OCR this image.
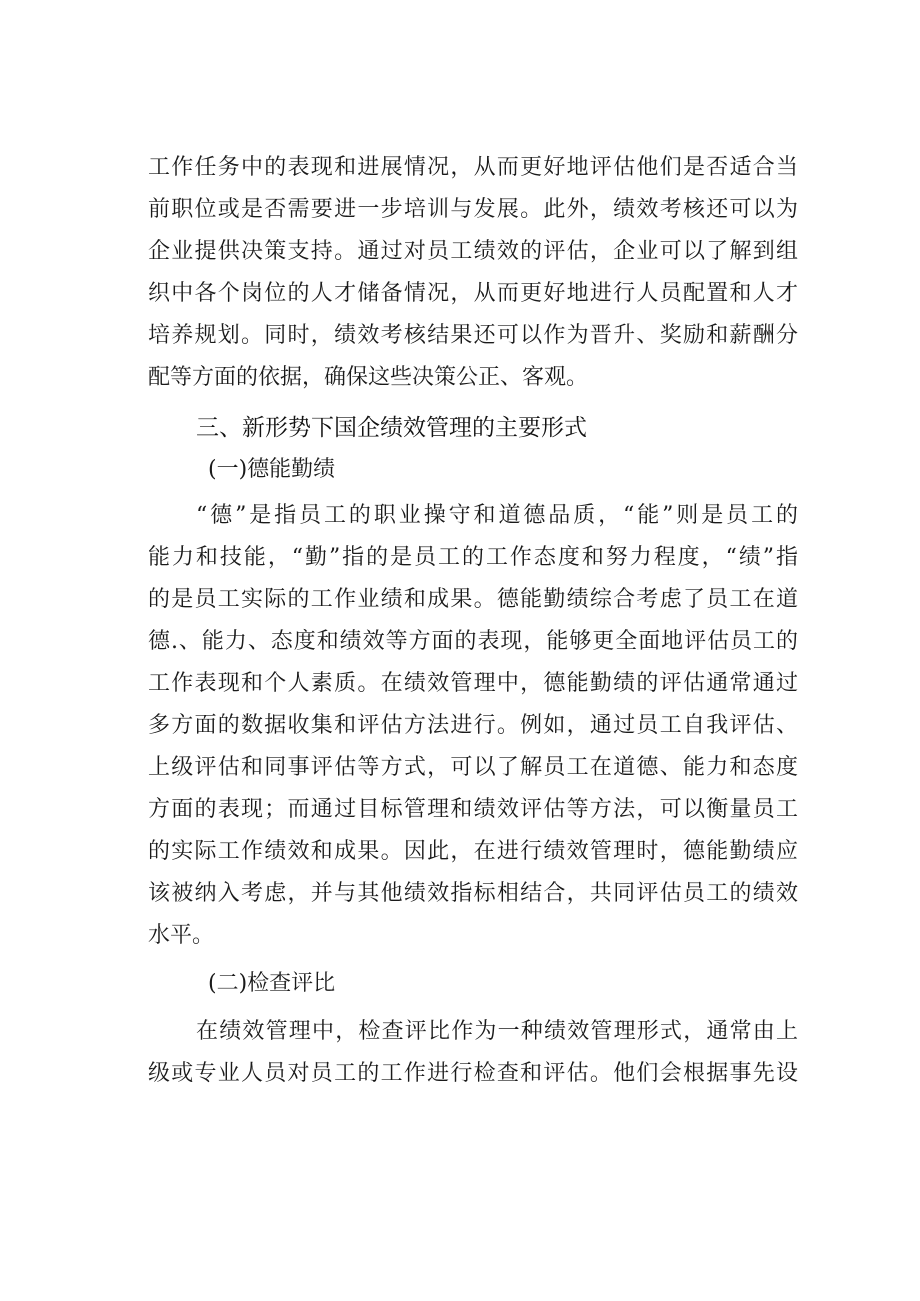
工作任务中的表现和进展情况，从而更好地评估他们是否适合当
前职位或是否需要进一步培训与发展。此外，绩效考核还可以为
企业提供决策支持。通过对员工绩效的评估，企业可以了解到组
织中各个岗位的人才储备情况，从而更好地进行人员配置和人才
培养规划。同时，绩效考核结果还可以作为晋升、奖励和薪酬分
配等方面的依据，确保这些决策公正、客观。
三、新形势下国企绩效管理的主要形式
(一)德能勤绩
“德”是指员工的职业操守和道德品质，“能”则是员工的
能力和技能，“勤”指的是员工的工作态度和努力程度，“绩”指
的是员工实际的工作业绩和成果。德能勤绩综合考虑了员工在道
德.、能力、态度和绩效等方面的表现，能够更全面地评估员工的
工作表现和个人素质。在绩效管理中，德能勤绩的评估通常通过
多方面的数据收集和评估方法进行。例如，通过员工自我评估、
上级评估和同事评估等方式，可以了解员工在道德、能力和态度
方面的表现；而通过目标管理和绩效评估等方法，可以衡量员工
的实际工作绩效和成果。因此，在进行绩效管理时，德能勤绩应
该被纳入考虑，并与其他绩效指标相结合，共同评估员工的绩效
水平。
(二)检查评比
在绩效管理中，检查评比作为一种绩效管理形式，通常由上
级或专业人员对员工的工作进行检查和评估。他们会根据事先设
